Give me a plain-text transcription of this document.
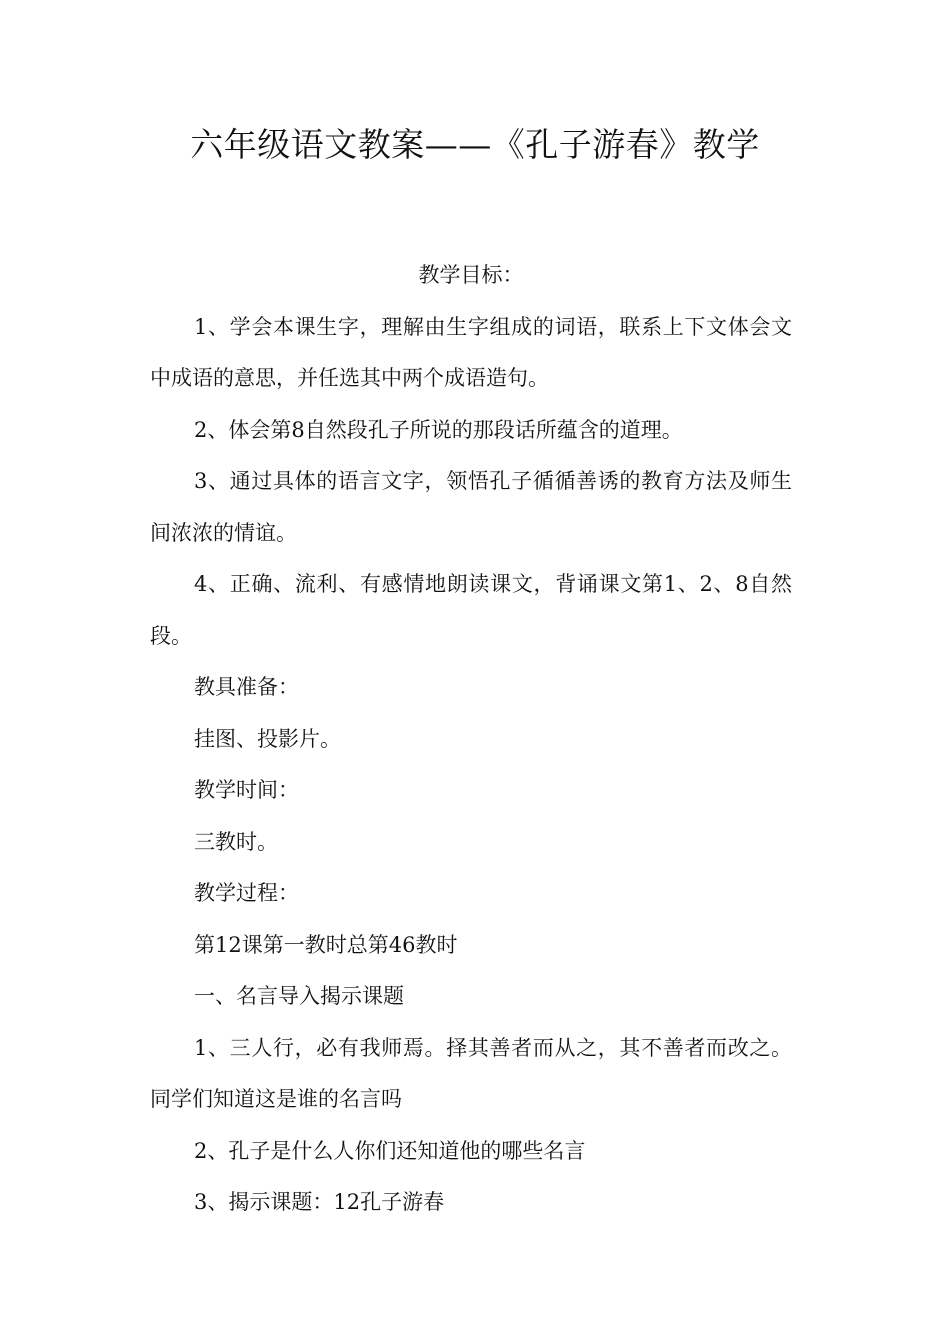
六年级语文教案——《孔子游春》教学

教学目标：

1、学会本课生字，理解由生字组成的词语，联系上下文体会文中成语的意思，并任选其中两个成语造句。

2、体会第8自然段孔子所说的那段话所蕴含的道理。

3、通过具体的语言文字，领悟孔子循循善诱的教育方法及师生间浓浓的情谊。

4、正确、流利、有感情地朗读课文，背诵课文第1、2、8自然段。

教具准备：

挂图、投影片。

教学时间：

三教时。

教学过程：

第12课第一教时总第46教时

一、名言导入揭示课题

1、三人行，必有我师焉。择其善者而从之，其不善者而改之。同学们知道这是谁的名言吗

2、孔子是什么人你们还知道他的哪些名言

3、揭示课题：12孔子游春
